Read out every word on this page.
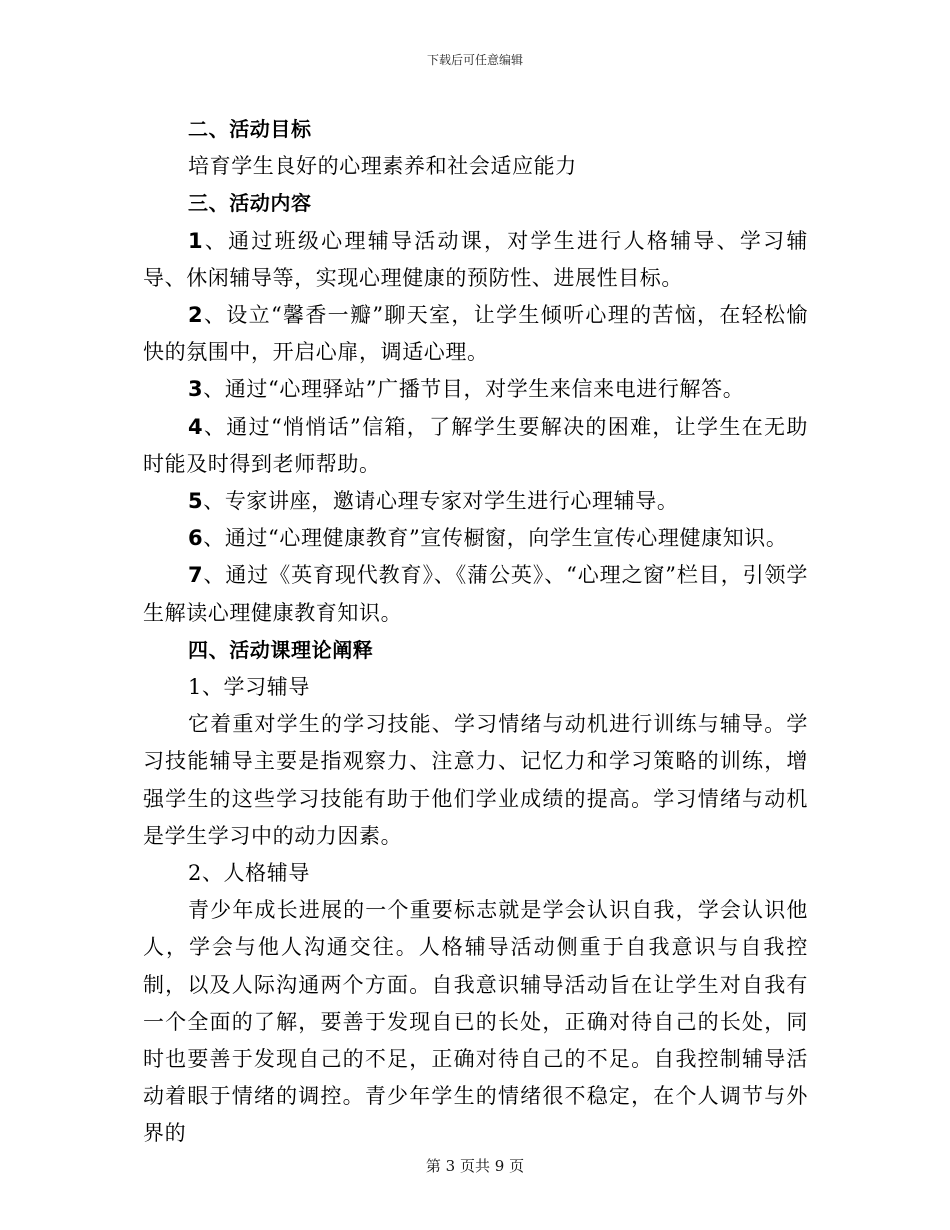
下载后可任意编辑

二、活动目标

培育学生良好的心理素养和社会适应能力

三、活动内容

1、通过班级心理辅导活动课，对学生进行人格辅导、学习辅导、休闲辅导等，实现心理健康的预防性、进展性目标。

2、设立“馨香一瓣”聊天室，让学生倾听心理的苦恼，在轻松愉快的氛围中，开启心扉，调适心理。

3、通过“心理驿站”广播节目，对学生来信来电进行解答。

4、通过“悄悄话”信箱，了解学生要解决的困难，让学生在无助时能及时得到老师帮助。

5、专家讲座，邀请心理专家对学生进行心理辅导。

6、通过“心理健康教育”宣传橱窗，向学生宣传心理健康知识。

7、通过《英育现代教育》、《蒲公英》、“心理之窗”栏目，引领学生解读心理健康教育知识。

四、活动课理论阐释

1、学习辅导

它着重对学生的学习技能、学习情绪与动机进行训练与辅导。学习技能辅导主要是指观察力、注意力、记忆力和学习策略的训练，增强学生的这些学习技能有助于他们学业成绩的提高。学习情绪与动机是学生学习中的动力因素。

2、人格辅导

青少年成长进展的一个重要标志就是学会认识自我，学会认识他人，学会与他人沟通交往。人格辅导活动侧重于自我意识与自我控制，以及人际沟通两个方面。自我意识辅导活动旨在让学生对自我有一个全面的了解，要善于发现自已的长处，正确对待自己的长处，同时也要善于发现自己的不足，正确对待自己的不足。自我控制辅导活动着眼于情绪的调控。青少年学生的情绪很不稳定，在个人调节与外界的

第 3 页共 9 页
